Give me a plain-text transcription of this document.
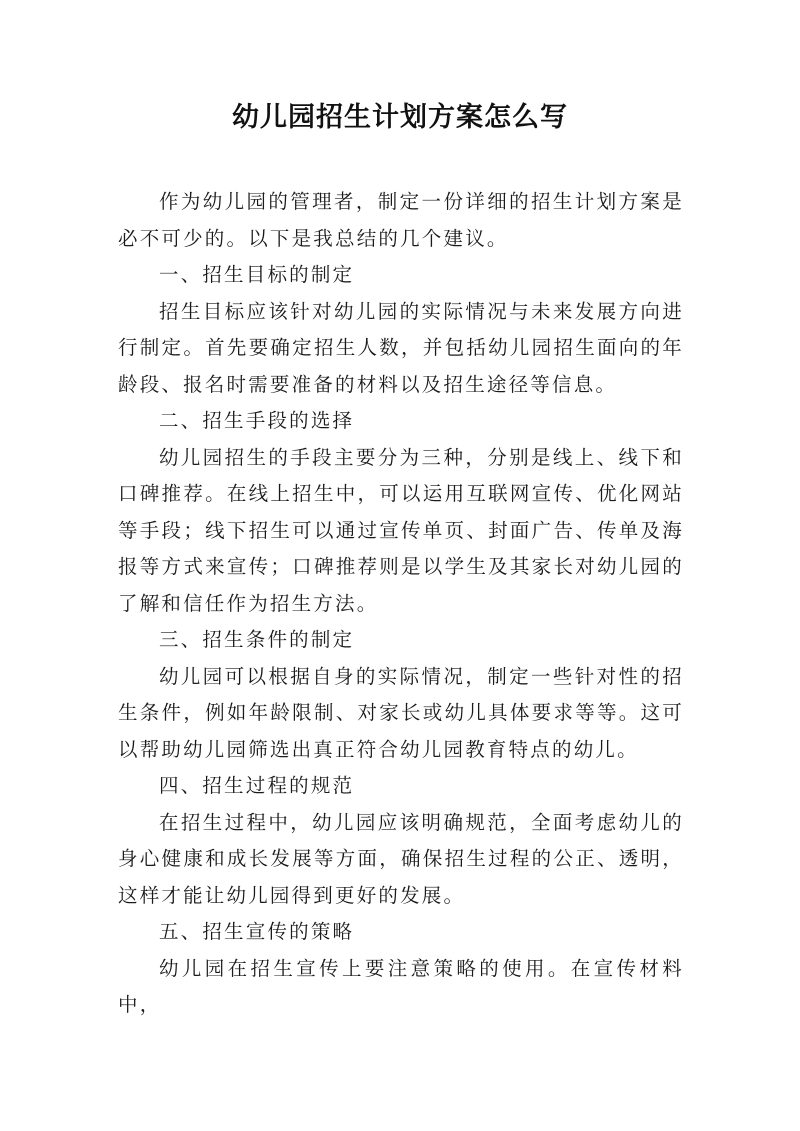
幼儿园招生计划方案怎么写

作为幼儿园的管理者，制定一份详细的招生计划方案是必不可少的。以下是我总结的几个建议。

一、招生目标的制定

招生目标应该针对幼儿园的实际情况与未来发展方向进行制定。首先要确定招生人数，并包括幼儿园招生面向的年龄段、报名时需要准备的材料以及招生途径等信息。

二、招生手段的选择

幼儿园招生的手段主要分为三种，分别是线上、线下和口碑推荐。在线上招生中，可以运用互联网宣传、优化网站等手段；线下招生可以通过宣传单页、封面广告、传单及海报等方式来宣传；口碑推荐则是以学生及其家长对幼儿园的了解和信任作为招生方法。

三、招生条件的制定

幼儿园可以根据自身的实际情况，制定一些针对性的招生条件，例如年龄限制、对家长或幼儿具体要求等等。这可以帮助幼儿园筛选出真正符合幼儿园教育特点的幼儿。

四、招生过程的规范

在招生过程中，幼儿园应该明确规范，全面考虑幼儿的身心健康和成长发展等方面，确保招生过程的公正、透明，这样才能让幼儿园得到更好的发展。

五、招生宣传的策略

幼儿园在招生宣传上要注意策略的使用。在宣传材料中，
